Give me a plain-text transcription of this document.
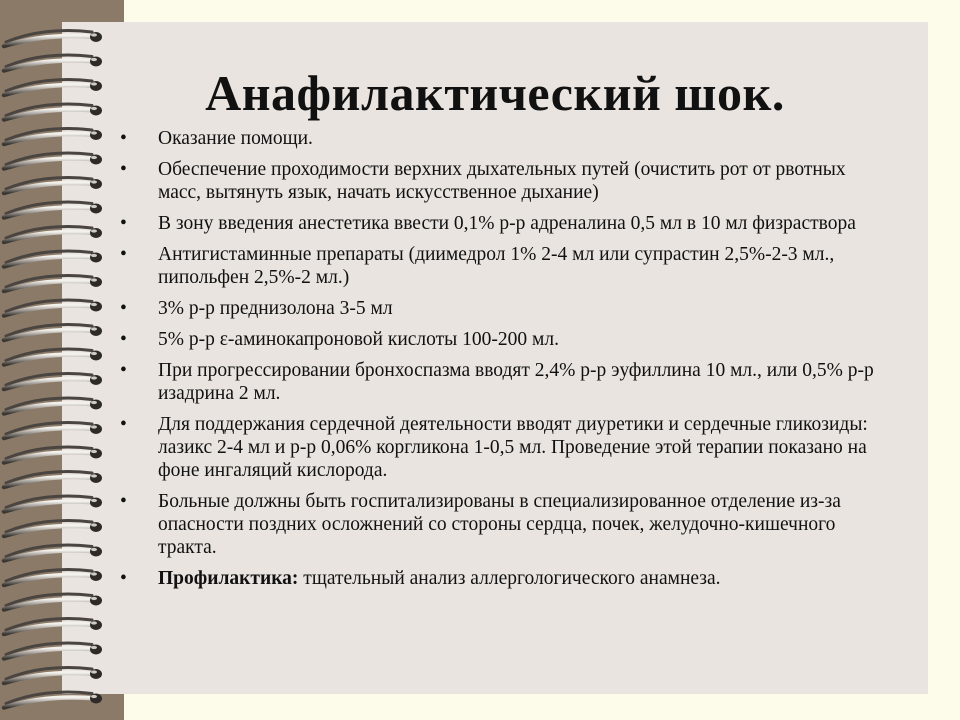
Анафилактический шок.
• Оказание помощи.
• Обеспечение проходимости верхних дыхательных путей (очистить рот от рвотных масс, вытянуть язык, начать искусственное дыхание)
• В зону введения анестетика ввести 0,1% р-р адреналина 0,5 мл в 10 мл физраствора
• Антигистаминные препараты (диимедрол 1% 2-4 мл или супрастин 2,5%-2-3 мл., пипольфен 2,5%-2 мл.)
• 3% р-р преднизолона 3-5 мл
• 5% р-р ε-аминокапроновой кислоты 100-200 мл.
• При прогрессировании бронхоспазма вводят 2,4% р-р эуфиллина 10 мл., или 0,5% р-р изадрина 2 мл.
• Для поддержания сердечной деятельности вводят диуретики и сердечные гликозиды: лазикс 2-4 мл и р-р 0,06% коргликона 1-0,5 мл. Проведение этой терапии показано на фоне ингаляций кислорода.
• Больные должны быть госпитализированы в специализированное отделение из-за опасности поздних осложнений со стороны сердца, почек, желудочно-кишечного тракта.
• Профилактика: тщательный анализ аллергологического анамнеза.
